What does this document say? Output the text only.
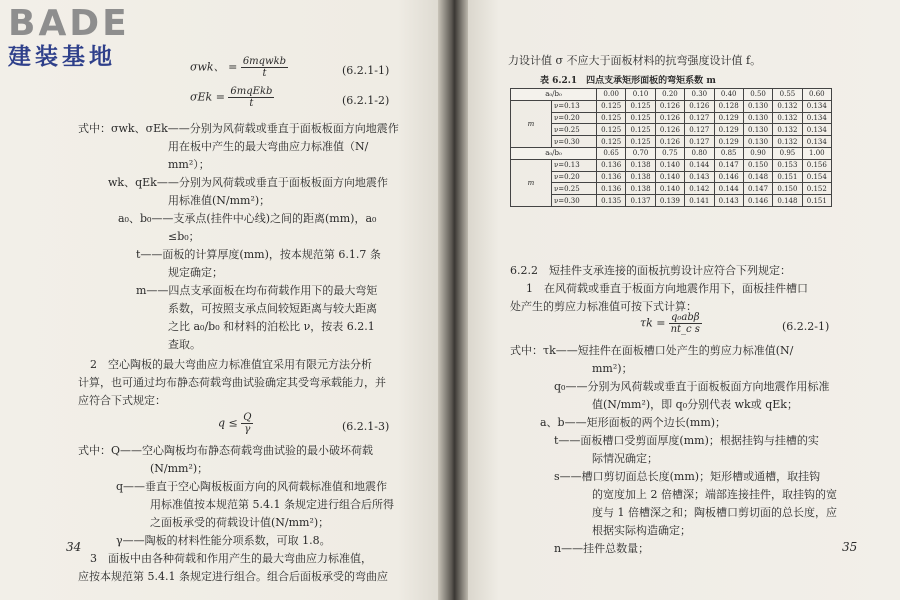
BADE
建装基地	σwk、 = $\frac{\text{6mqwkb}}{t}$	(6.2.1-1)
$\sigma Ek = \frac{\text{6mqEkb}}{t}$	(6.2.1-2)
式中：σwk、σEk——分别为风荷载或垂直于面板板面方向地震作
用在板中产生的最大弯曲应力标准值（N/
mm²）；
wk、qEk——分别为风荷载或垂直于面板板面方向地震作
用标准值(N/mm²)；
a₀、b₀——支承点(挂件中心线)之间的距离(mm)，a₀
≤b₀；
t——面板的计算厚度(mm)，按本规范第 6.1.7 条
规定确定；
m——四点支承面板在均布荷载作用下的最大弯矩
系数，可按照支承点间较短距离与较大距离
之比 a₀/b₀ 和材料的泊松比 ν，按表 6.2.1
查取。
2　空心陶板的最大弯曲应力标准值宜采用有限元方法分析
计算，也可通过均布静态荷载弯曲试验确定其受弯承载能力，并
应符合下式规定：
$q \le \frac{Q}{\gamma}$	(6.2.1-3)
式中：Q——空心陶板均布静态荷载弯曲试验的最小破坏荷载
(N/mm²)；
q——垂直于空心陶板板面方向的风荷载标准值和地震作
用标准值按本规范第 5.4.1 条规定进行组合后所得
之面板承受的荷载设计值(N/mm²)；
γ——陶板的材料性能分项系数，可取 1.8。
3　面板中由各种荷载和作用产生的最大弯曲应力标准值，
应按本规范第 5.4.1 条规定进行组合。组合后面板承受的弯曲应
力设计值 σ 不应大于面板材料的抗弯强度设计值 f。
表 6.2.1　四点支承矩形面板的弯矩系数 m
a₀/b₀		0.00	0.10	0.20	0.30	0.40	0.50	0.55	0.60
m	ν=0.13	0.125	0.125	0.126	0.126	0.128	0.130	0.132	0.134
	ν=0.20	0.125	0.125	0.126	0.127	0.129	0.130	0.132	0.134
	ν=0.25	0.125	0.125	0.126	0.127	0.129	0.130	0.132	0.134
	ν=0.30	0.125	0.125	0.126	0.127	0.129	0.130	0.132	0.134
a₀/b₀		0.65	0.70	0.75	0.80	0.85	0.90	0.95	1.00
m	ν=0.13	0.136	0.138	0.140	0.144	0.147	0.150	0.153	0.156
	ν=0.20	0.136	0.138	0.140	0.143	0.146	0.148	0.151	0.154
	ν=0.25	0.136	0.138	0.140	0.142	0.144	0.147	0.150	0.152
	ν=0.30	0.135	0.137	0.139	0.141	0.143	0.146	0.148	0.151
6.2.2　短挂件支承连接的面板抗剪设计应符合下列规定：
1　在风荷载或垂直于板面方向地震作用下，面板挂件槽口
处产生的剪应力标准值可按下式计算：
$\tau k = \frac{\text{q₀abβ}}{\text{nt\_c s}}$	(6.2.2-1)
式中：τk——短挂件在面板槽口处产生的剪应力标准值(N/
mm²)；
q₀——分别为风荷载或垂直于面板板面方向地震作用标准
值(N/mm²)，即 q₀分别代表 wk或 qEk；
a、b——矩形面板的两个边长(mm)；
t——面板槽口受剪面厚度(mm)；根据挂钩与挂槽的实
际情况确定；
s——槽口剪切面总长度(mm)；矩形槽或通槽，取挂钩
的宽度加上 2 倍槽深；端部连接挂件，取挂钩的宽
度与 1 倍槽深之和；陶板槽口剪切面的总长度，应
根据实际构造确定；
n——挂件总数量；
34	35
